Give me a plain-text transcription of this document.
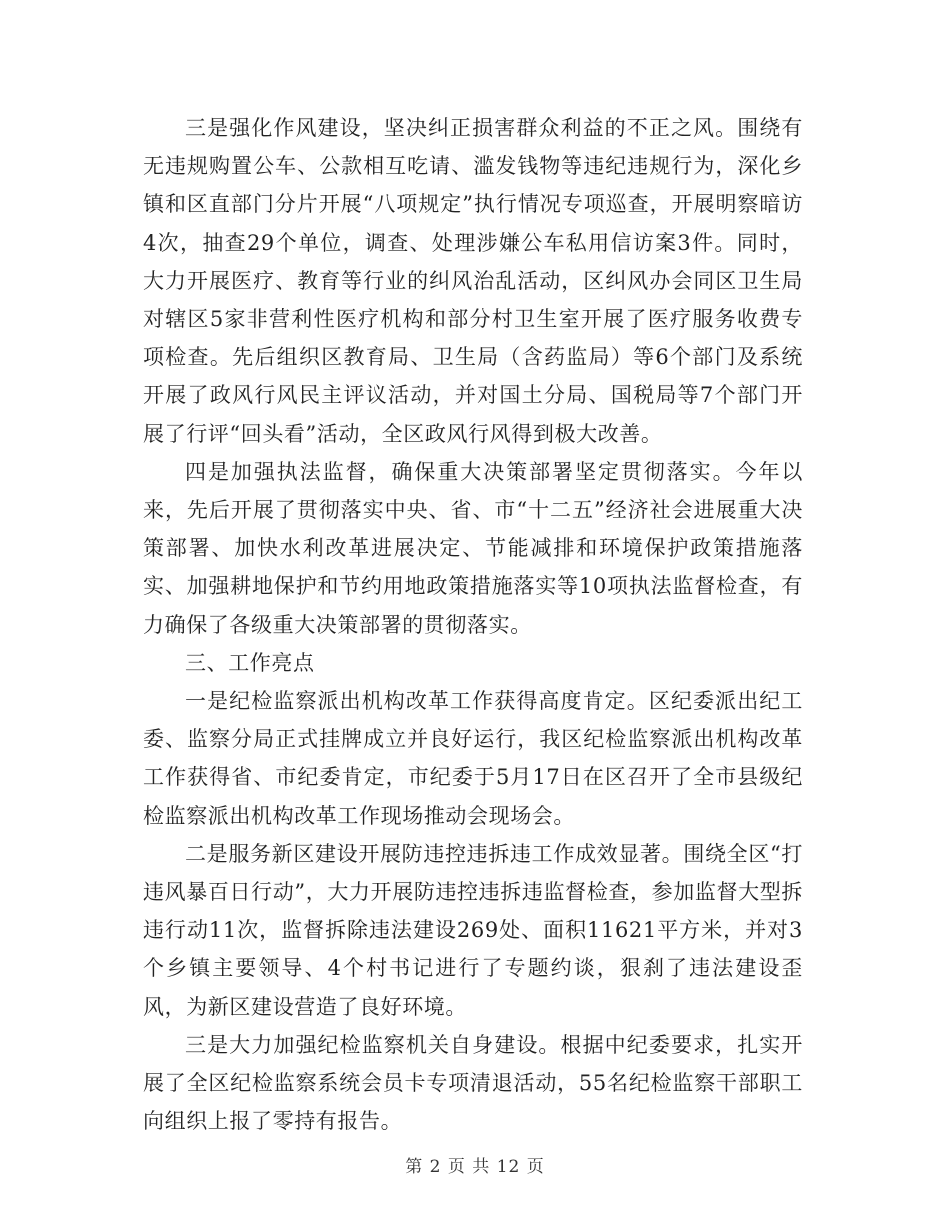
三是强化作风建设，坚决纠正损害群众利益的不正之风。围绕有无违规购置公车、公款相互吃请、滥发钱物等违纪违规行为，深化乡镇和区直部门分片开展“八项规定”执行情况专项巡查，开展明察暗访4次，抽查29个单位，调查、处理涉嫌公车私用信访案3件。同时，大力开展医疗、教育等行业的纠风治乱活动，区纠风办会同区卫生局对辖区5家非营利性医疗机构和部分村卫生室开展了医疗服务收费专项检查。先后组织区教育局、卫生局（含药监局）等6个部门及系统开展了政风行风民主评议活动，并对国土分局、国税局等7个部门开展了行评“回头看”活动，全区政风行风得到极大改善。

四是加强执法监督，确保重大决策部署坚定贯彻落实。今年以来，先后开展了贯彻落实中央、省、市“十二五”经济社会进展重大决策部署、加快水利改革进展决定、节能减排和环境保护政策措施落实、加强耕地保护和节约用地政策措施落实等10项执法监督检查，有力确保了各级重大决策部署的贯彻落实。

三、工作亮点

一是纪检监察派出机构改革工作获得高度肯定。区纪委派出纪工委、监察分局正式挂牌成立并良好运行，我区纪检监察派出机构改革工作获得省、市纪委肯定，市纪委于5月17日在区召开了全市县级纪检监察派出机构改革工作现场推动会现场会。

二是服务新区建设开展防违控违拆违工作成效显著。围绕全区“打违风暴百日行动”，大力开展防违控违拆违监督检查，参加监督大型拆违行动11次，监督拆除违法建设269处、面积11621平方米，并对3个乡镇主要领导、4个村书记进行了专题约谈，狠刹了违法建设歪风，为新区建设营造了良好环境。

三是大力加强纪检监察机关自身建设。根据中纪委要求，扎实开展了全区纪检监察系统会员卡专项清退活动，55名纪检监察干部职工向组织上报了零持有报告。

第 2 页 共 12 页
